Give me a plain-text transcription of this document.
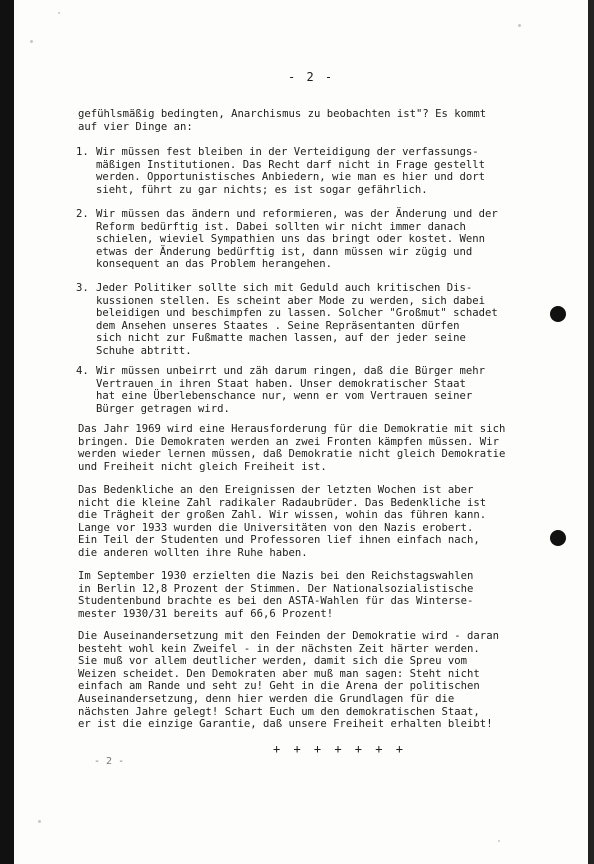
- 2 -
gefühlsmäßig bedingten, Anarchismus zu beobachten ist"? Es kommt
auf vier Dinge an:
1. Wir müssen fest bleiben in der Verteidigung der verfassungs-
mäßigen Institutionen. Das Recht darf nicht in Frage gestellt
werden. Opportunistisches Anbiedern, wie man es hier und dort
sieht, führt zu gar nichts; es ist sogar gefährlich.
2. Wir müssen das ändern und reformieren, was der Änderung und der
Reform bedürftig ist. Dabei sollten wir nicht immer danach
schielen, wieviel Sympathien uns das bringt oder kostet. Wenn
etwas der Änderung bedürftig ist, dann müssen wir zügig und
konsequent an das Problem herangehen.
3. Jeder Politiker sollte sich mit Geduld auch kritischen Dis-
kussionen stellen. Es scheint aber Mode zu werden, sich dabei
beleidigen und beschimpfen zu lassen. Solcher "Großmut" schadet
dem Ansehen unseres Staates . Seine Repräsentanten dürfen
sich nicht zur Fußmatte machen lassen, auf der jeder seine
Schuhe abtritt.
4. Wir müssen unbeirrt und zäh darum ringen, daß die Bürger mehr
Vertrauen in ihren Staat haben. Unser demokratischer Staat
hat eine Überlebenschance nur, wenn er vom Vertrauen seiner
Bürger getragen wird.
Das Jahr 1969 wird eine Herausforderung für die Demokratie mit sich
bringen. Die Demokraten werden an zwei Fronten kämpfen müssen. Wir
werden wieder lernen müssen, daß Demokratie nicht gleich Demokratie
und Freiheit nicht gleich Freiheit ist.
Das Bedenkliche an den Ereignissen der letzten Wochen ist aber
nicht die kleine Zahl radikaler Radaubrüder. Das Bedenkliche ist
die Trägheit der großen Zahl. Wir wissen, wohin das führen kann.
Lange vor 1933 wurden die Universitäten von den Nazis erobert.
Ein Teil der Studenten und Professoren lief ihnen einfach nach,
die anderen wollten ihre Ruhe haben.
Im September 1930 erzielten die Nazis bei den Reichstagswahlen
in Berlin 12,8 Prozent der Stimmen. Der Nationalsozialistische
Studentenbund brachte es bei den ASTA-Wahlen für das Winterse-
mester 1930/31 bereits auf 66,6 Prozent!
Die Auseinandersetzung mit den Feinden der Demokratie wird - daran
besteht wohl kein Zweifel - in der nächsten Zeit härter werden.
Sie muß vor allem deutlicher werden, damit sich die Spreu vom
Weizen scheidet. Den Demokraten aber muß man sagen: Steht nicht
einfach am Rande und seht zu! Geht in die Arena der politischen
Auseinandersetzung, denn hier werden die Grundlagen für die
nächsten Jahre gelegt! Schart Euch um den demokratischen Staat,
er ist die einzige Garantie, daß unsere Freiheit erhalten bleibt!
+ + + + + + +
- 2 -
